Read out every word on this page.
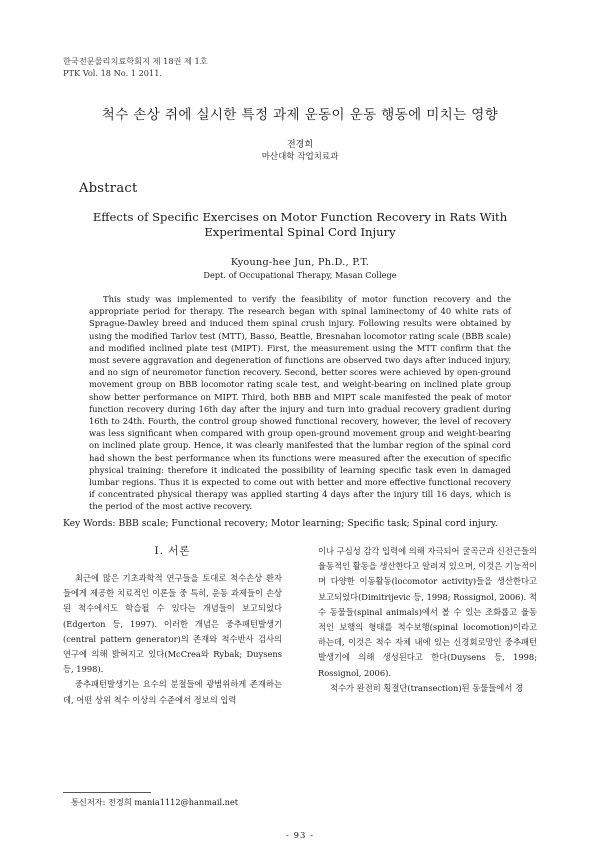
한국전문물리치료학회지 제 18권 제 1호
PTK Vol. 18 No. 1 2011.
척수 손상 쥐에 실시한 특정 과제 운동이 운동 행동에 미치는 영향
전경희
마산대학 작업치료과
Abstract
Effects of Specific Exercises on Motor Function Recovery in Rats With
Experimental Spinal Cord Injury
Kyoung-hee Jun, Ph.D., P.T.
Dept. of Occupational Therapy, Masan College

This study was implemented to verify the feasibility of motor function recovery and the appropriate period for therapy. The research began with spinal laminectomy of 40 white rats of Sprague-Dawley breed and induced them spinal crush injury. Following results were obtained by using the modified Tarlov test (MTT), Basso, Beattle, Bresnahan locomotor rating scale (BBB scale) and modified inclined plate test (MIPT). First, the measurement using the MTT confirm that the most severe aggravation and degeneration of functions are observed two days after induced injury, and no sign of neuromotor function recovery. Second, better scores were achieved by open-ground movement group on BBB locomotor rating scale test, and weight-bearing on inclined plate group show better performance on MIPT. Third, both BBB and MIPT scale manifested the peak of motor function recovery during 16th day after the injury and turn into gradual recovery gradient during 16th to 24th. Fourth, the control group showed functional recovery, however, the level of recovery was less significant when compared with group open-ground movement group and weight-bearing on inclined plate group. Hence, it was clearly manifested that the lumbar region of the spinal cord had shown the best performance when its functions were measured after the execution of specific physical training: therefore it indicated the possibility of learning specific task even in damaged lumbar regions. Thus it is expected to come out with better and more effective functional recovery if concentrated physical therapy was applied starting 4 days after the injury till 16 days, which is the period of the most active recovery.

Key Words: BBB scale; Functional recovery; Motor learning; Specific task; Spinal cord injury.
Ⅰ. 서론

최근에 많은 기초과학적 연구들을 토대로 척수손상 환자들에게 제공한 치료적인 이론들 중 특히, 운동 과제들이 손상된 척수에서도 학습될 수 있다는 개념들이 보고되었다(Edgerton 등, 1997). 이러한 개념은 중추패턴발생기(central pattern generator)의 존재와 척수반사 검사의 연구에 의해 밝혀지고 있다(McCrea와 Rybak; Duysens 등, 1998).

중추패턴발생기는 요수의 분절들에 광범위하게 존재하는데, 어떤 상위 척수 이상의 수준에서 정보의 입력

이나 구심성 감각 입력에 의해 자극되어 굴곡근과 신전근들의 율동적인 활동을 생산한다고 알려져 있으며, 이것은 기능적이며 다양한 이동활동(locomotor activity)들을 생산한다고 보고되었다(Dimitrijevic 등, 1998; Rossignol, 2006). 척수 동물들(spinal animals)에서 볼 수 있는 조화롭고 율동적인 보행의 형태를 척수보행(spinal locomotion)이라고 하는데, 이것은 척수 자체 내에 있는 신경회로망인 중추패턴발생기에 의해 생성된다고 한다(Duysens 등, 1998; Rossignol, 2006).

척수가 완전히 횡절단(transection)된 동물들에서 경

통신저자: 전경희 mania1112@hanmail.net
- 93 -
